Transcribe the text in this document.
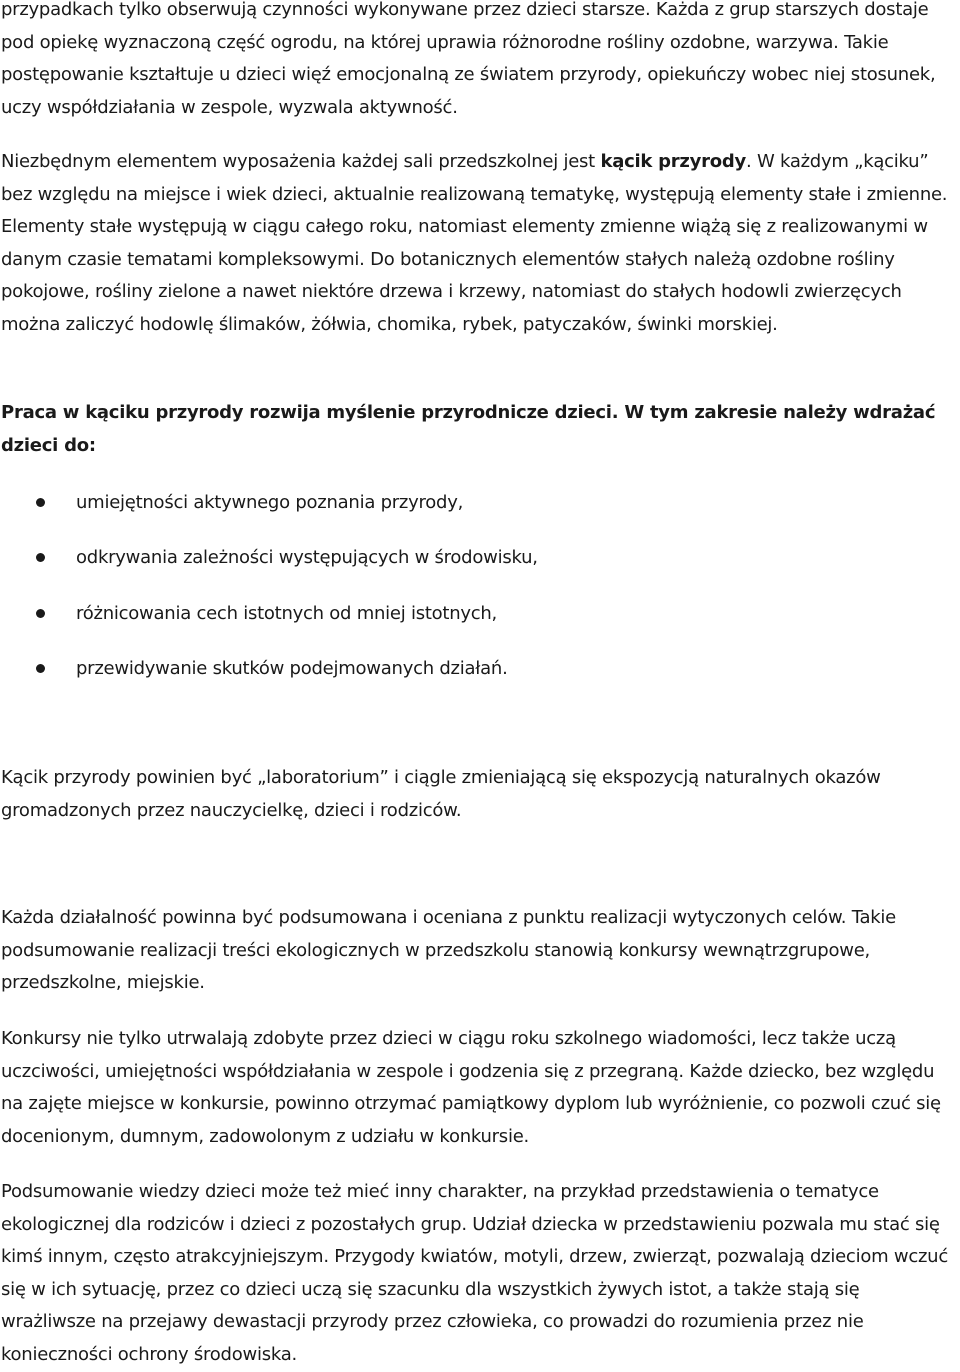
przypadkach tylko obserwują czynności wykonywane przez dzieci starsze. Każda z grup starszych dostaje pod opiekę wyznaczoną część ogrodu, na której uprawia różnorodne rośliny ozdobne, warzywa. Takie postępowanie kształtuje u dzieci więź emocjonalną ze światem przyrody, opiekuńczy wobec niej stosunek, uczy współdziałania w zespole, wyzwala aktywność.

Niezbędnym elementem wyposażenia każdej sali przedszkolnej jest kącik przyrody. W każdym „kąciku” bez względu na miejsce i wiek dzieci, aktualnie realizowaną tematykę, występują elementy stałe i zmienne. Elementy stałe występują w ciągu całego roku, natomiast elementy zmienne wiążą się z realizowanymi w danym czasie tematami kompleksowymi. Do botanicznych elementów stałych należą ozdobne rośliny pokojowe, rośliny zielone a nawet niektóre drzewa i krzewy, natomiast do stałych hodowli zwierzęcych można zaliczyć hodowlę ślimaków, żółwia, chomika, rybek, patyczaków, świnki morskiej.

Praca w kąciku przyrody rozwija myślenie przyrodnicze dzieci. W tym zakresie należy wdrażać dzieci do:

umiejętności aktywnego poznania przyrody,
odkrywania zależności występujących w środowisku,
różnicowania cech istotnych od mniej istotnych,
przewidywanie skutków podejmowanych działań.

Kącik przyrody powinien być „laboratorium” i ciągle zmieniającą się ekspozycją naturalnych okazów gromadzonych przez nauczycielkę, dzieci i rodziców.

Każda działalność powinna być podsumowana i oceniana z punktu realizacji wytyczonych celów. Takie podsumowanie realizacji treści ekologicznych w przedszkolu stanowią konkursy wewnątrzgrupowe, przedszkolne, miejskie.

Konkursy nie tylko utrwalają zdobyte przez dzieci w ciągu roku szkolnego wiadomości, lecz także uczą uczciwości, umiejętności współdziałania w zespole i godzenia się z przegraną. Każde dziecko, bez względu na zajęte miejsce w konkursie, powinno otrzymać pamiątkowy dyplom lub wyróżnienie, co pozwoli czuć się docenionym, dumnym, zadowolonym z udziału w konkursie.

Podsumowanie wiedzy dzieci może też mieć inny charakter, na przykład przedstawienia o tematyce ekologicznej dla rodziców i dzieci z pozostałych grup. Udział dziecka w przedstawieniu pozwala mu stać się kimś innym, często atrakcyjniejszym. Przygody kwiatów, motyli, drzew, zwierząt, pozwalają dzieciom wczuć się w ich sytuację, przez co dzieci uczą się szacunku dla wszystkich żywych istot, a także stają się wrażliwsze na przejawy dewastacji przyrody przez człowieka, co prowadzi do rozumienia przez nie konieczności ochrony środowiska.
